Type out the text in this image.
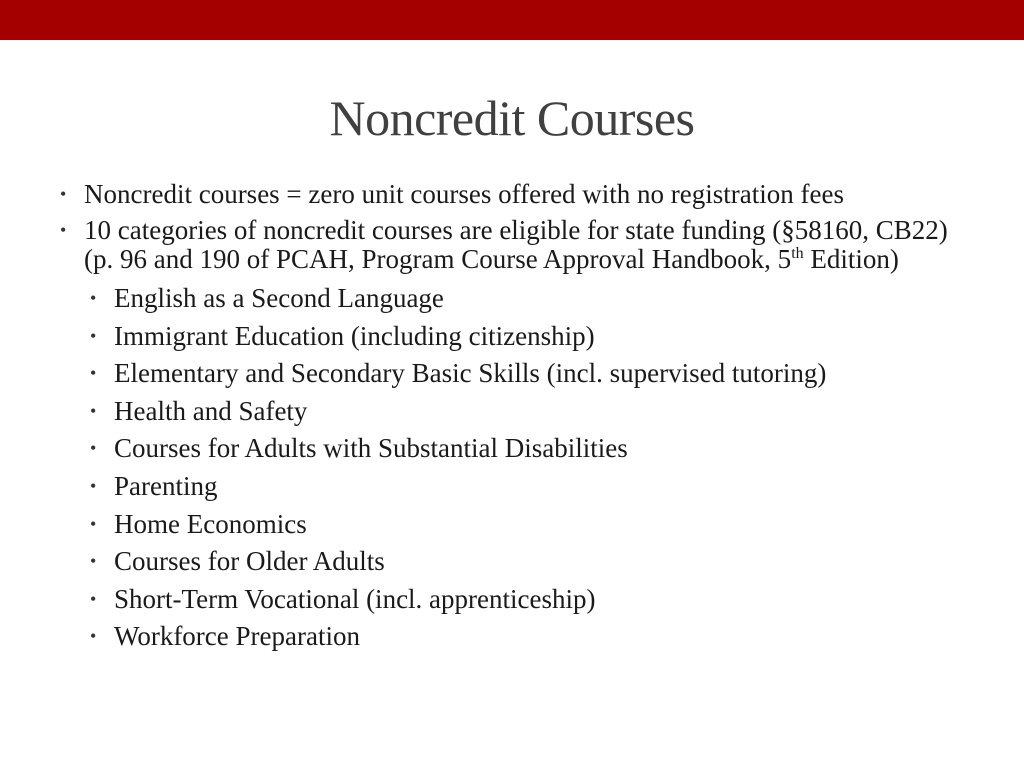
Noncredit Courses
• Noncredit courses = zero unit courses offered with no registration fees
• 10 categories of noncredit courses are eligible for state funding (§58160, CB22) (p. 96 and 190 of PCAH, Program Course Approval Handbook, 5th Edition)
• English as a Second Language
• Immigrant Education (including citizenship)
• Elementary and Secondary Basic Skills (incl. supervised tutoring)
• Health and Safety
• Courses for Adults with Substantial Disabilities
• Parenting
• Home Economics
• Courses for Older Adults
• Short-Term Vocational (incl. apprenticeship)
• Workforce Preparation
